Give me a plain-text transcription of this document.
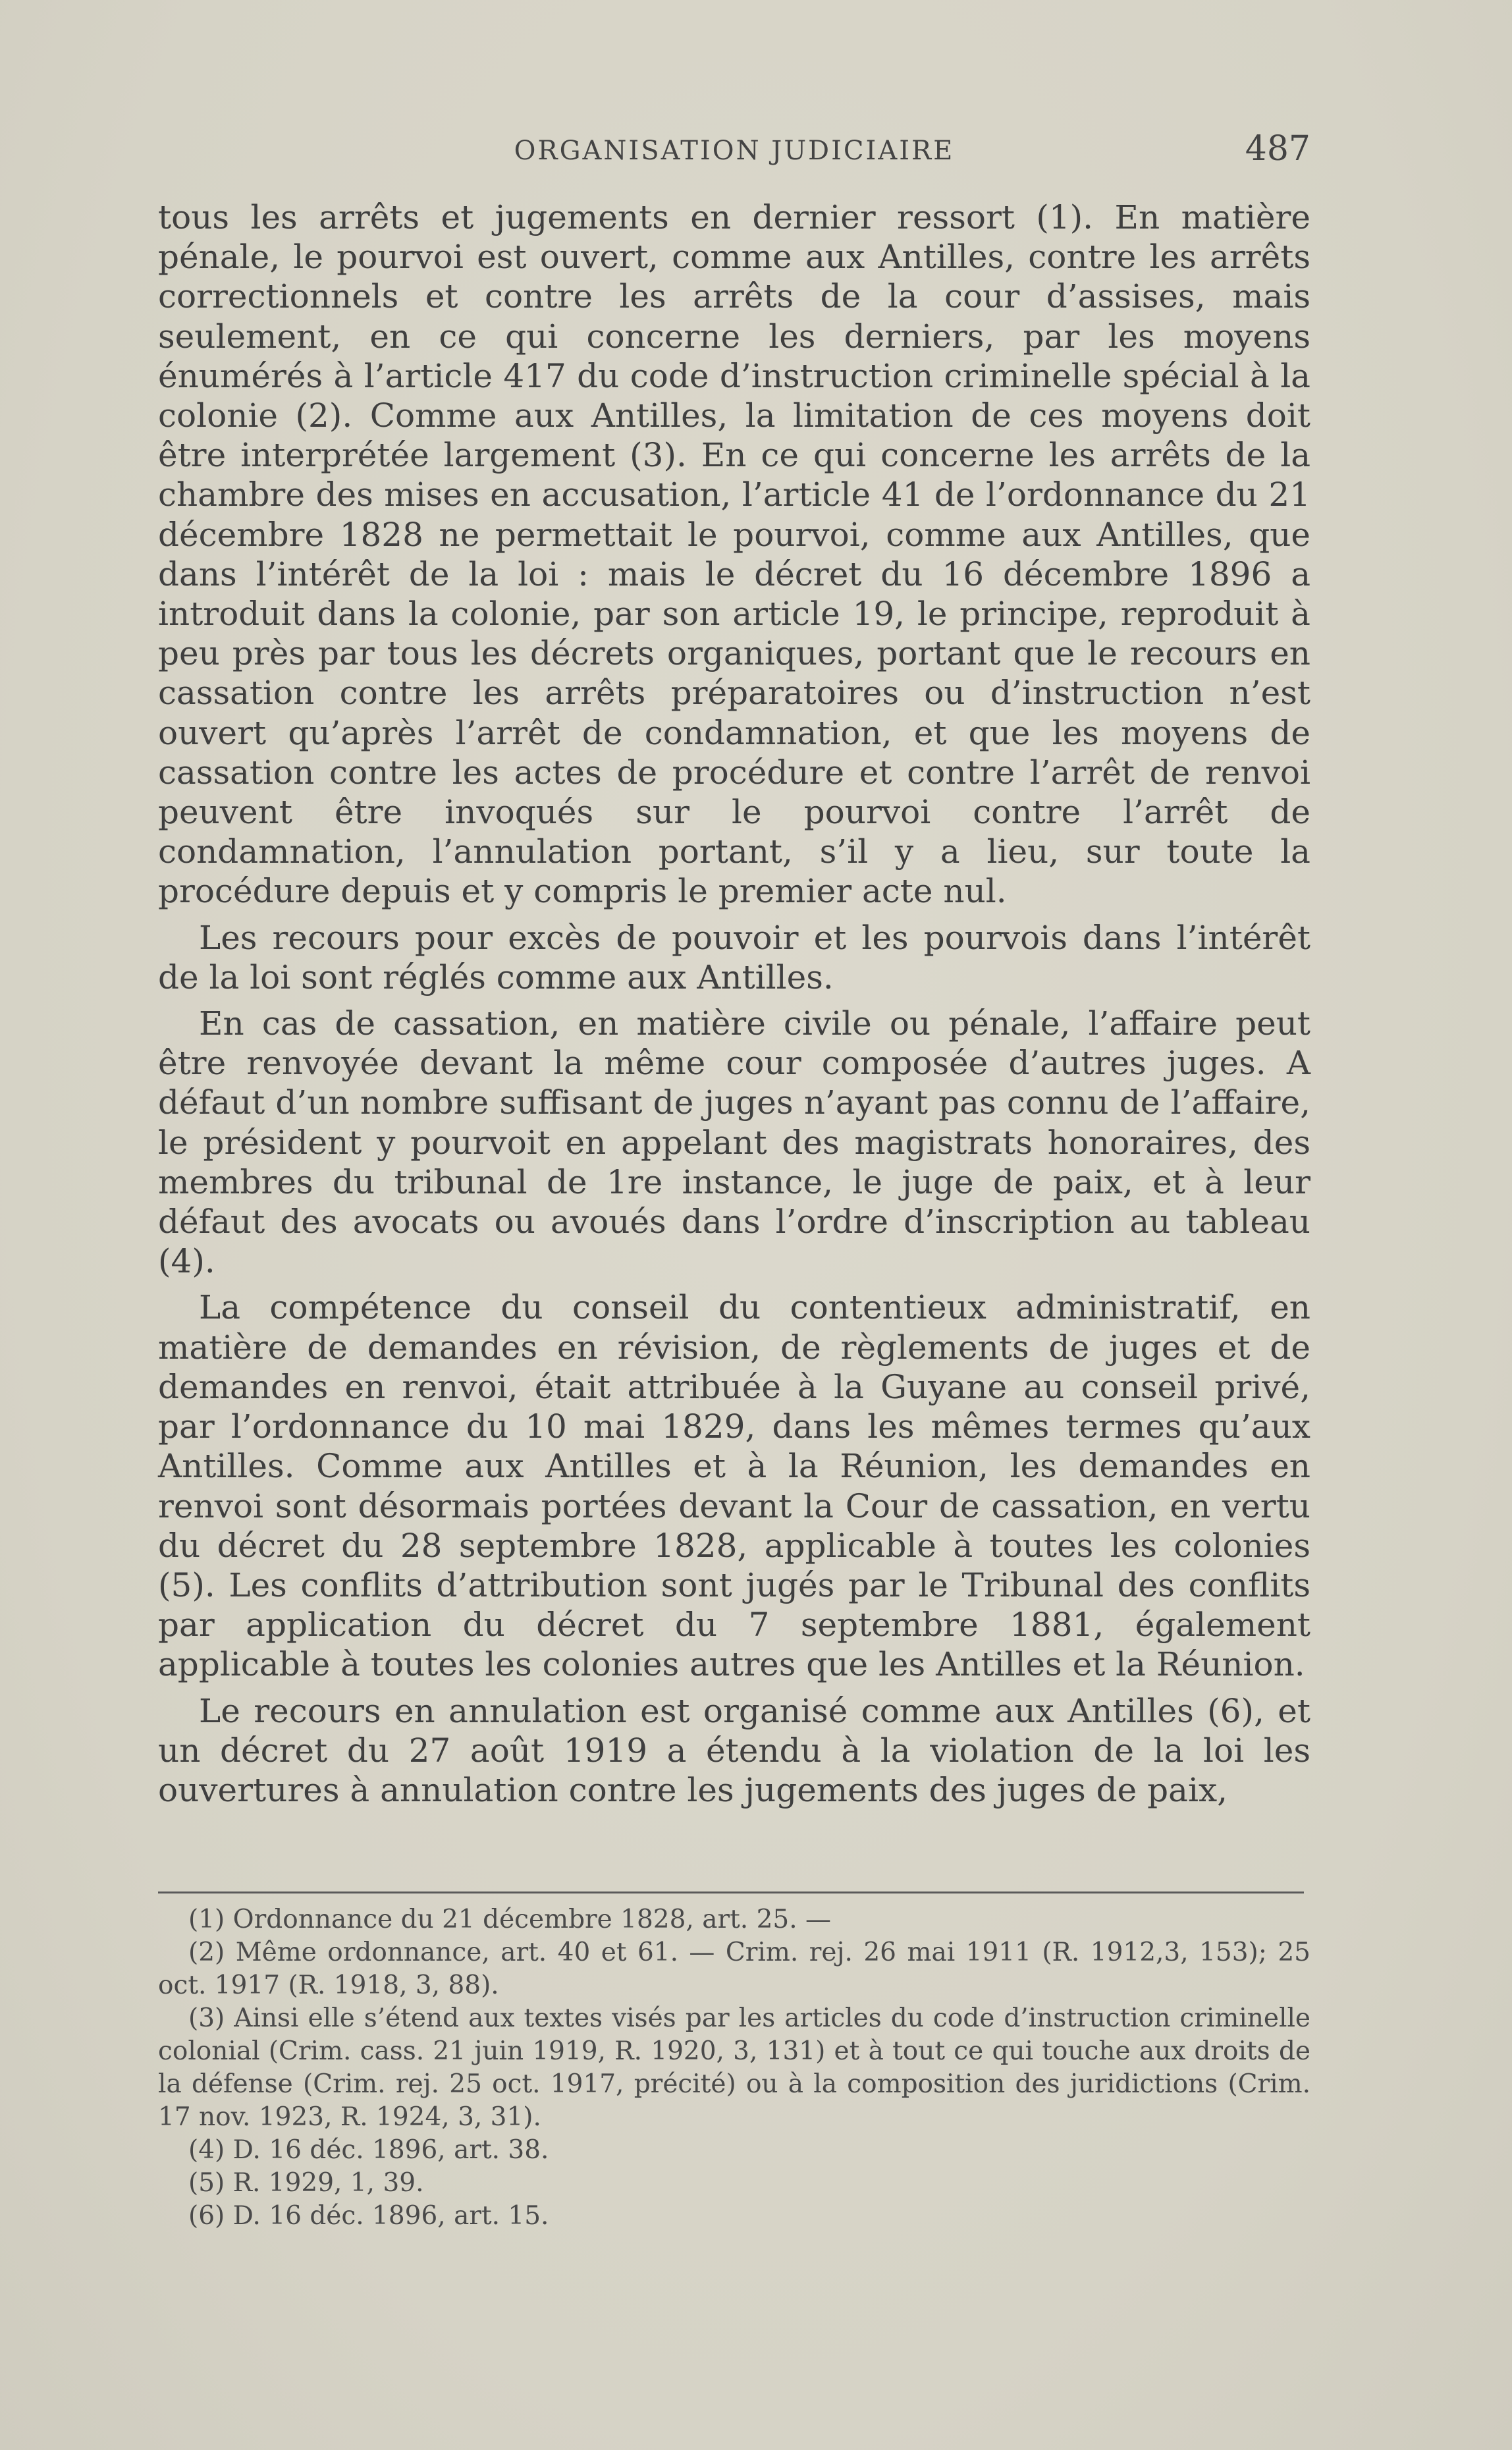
ORGANISATION JUDICIAIRE	487

tous les arrêts et jugements en dernier ressort (1). En matière pénale, le pourvoi est ouvert, comme aux Antilles, contre les arrêts correctionnels et contre les arrêts de la cour d’assises, mais seulement, en ce qui concerne les derniers, par les moyens énumérés à l’article 417 du code d’instruction criminelle spécial à la colonie (2). Comme aux Antilles, la limitation de ces moyens doit être interprétée largement (3). En ce qui concerne les arrêts de la chambre des mises en accusation, l’article 41 de l’ordonnance du 21 décembre 1828 ne permettait le pourvoi, comme aux Antilles, que dans l’intérêt de la loi : mais le décret du 16 décembre 1896 a introduit dans la colonie, par son article 19, le principe, reproduit à peu près par tous les décrets organiques, portant que le recours en cassation contre les arrêts préparatoires ou d’instruction n’est ouvert qu’après l’arrêt de condamnation, et que les moyens de cassation contre les actes de procédure et contre l’arrêt de renvoi peuvent être invoqués sur le pourvoi contre l’arrêt de condamnation, l’annulation portant, s’il y a lieu, sur toute la procédure depuis et y compris le premier acte nul.

Les recours pour excès de pouvoir et les pourvois dans l’intérêt de la loi sont réglés comme aux Antilles.

En cas de cassation, en matière civile ou pénale, l’affaire peut être renvoyée devant la même cour composée d’autres juges. A défaut d’un nombre suffisant de juges n’ayant pas connu de l’affaire, le président y pourvoit en appelant des magistrats honoraires, des membres du tribunal de 1re instance, le juge de paix, et à leur défaut des avocats ou avoués dans l’ordre d’inscription au tableau (4).

La compétence du conseil du contentieux administratif, en matière de demandes en révision, de règlements de juges et de demandes en renvoi, était attribuée à la Guyane au conseil privé, par l’ordonnance du 10 mai 1829, dans les mêmes termes qu’aux Antilles. Comme aux Antilles et à la Réunion, les demandes en renvoi sont désormais portées devant la Cour de cassation, en vertu du décret du 28 septembre 1828, applicable à toutes les colonies (5). Les conflits d’attribution sont jugés par le Tribunal des conflits par application du décret du 7 septembre 1881, également applicable à toutes les colonies autres que les Antilles et la Réunion.

Le recours en annulation est organisé comme aux Antilles (6), et un décret du 27 août 1919 a étendu à la violation de la loi les ouvertures à annulation contre les jugements des juges de paix,

(1) Ordonnance du 21 décembre 1828, art. 25. —

(2) Même ordonnance, art. 40 et 61. — Crim. rej. 26 mai 1911 (R. 1912,3, 153); 25 oct. 1917 (R. 1918, 3, 88).

(3) Ainsi elle s’étend aux textes visés par les articles du code d’instruction criminelle colonial (Crim. cass. 21 juin 1919, R. 1920, 3, 131) et à tout ce qui touche aux droits de la défense (Crim. rej. 25 oct. 1917, précité) ou à la composition des juridictions (Crim. 17 nov. 1923, R. 1924, 3, 31).

(4) D. 16 déc. 1896, art. 38.

(5) R. 1929, 1, 39.

(6) D. 16 déc. 1896, art. 15.
